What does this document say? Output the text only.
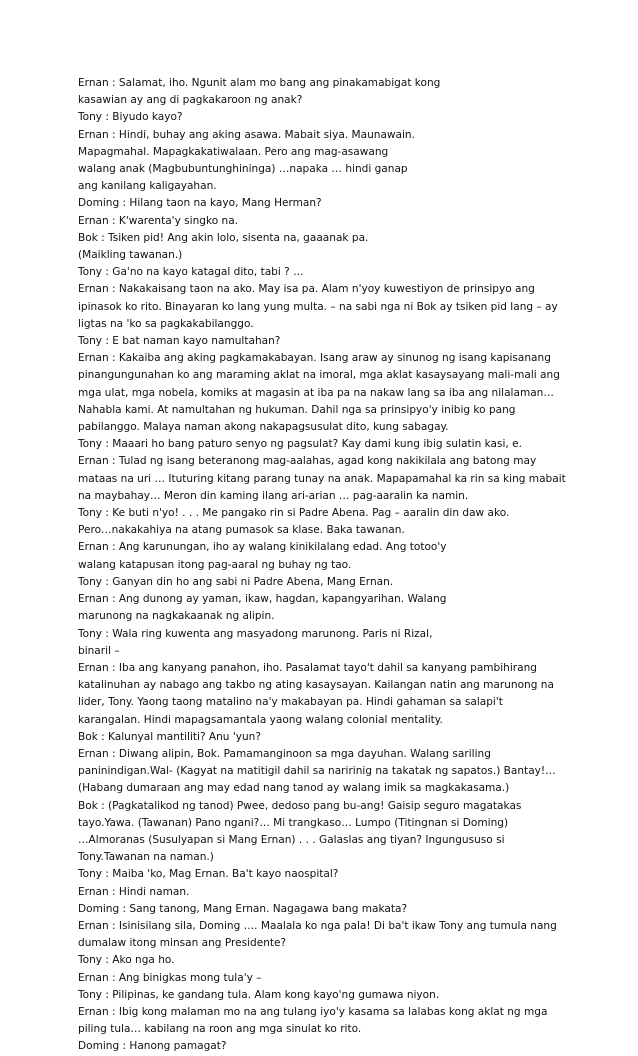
Ernan : Salamat, iho. Ngunit alam mo bang ang pinakamabigat kong
kasawian ay ang di pagkakaroon ng anak?
Tony : Biyudo kayo?
Ernan : Hindi, buhay ang aking asawa. Mabait siya. Maunawain.
Mapagmahal. Mapagkakatiwalaan. Pero ang mag-asawang
walang anak (Magbubuntunghininga) …napaka … hindi ganap
ang kanilang kaligayahan.
Doming : Hilang taon na kayo, Mang Herman?
Ernan : K'warenta'y singko na.
Bok : Tsiken pid! Ang akin lolo, sisenta na, gaaanak pa.
(Maikling tawanan.)
Tony : Ga'no na kayo katagal dito, tabi ? …
Ernan : Nakakaisang taon na ako. May isa pa. Alam n'yoy kuwestiyon de prinsipyo ang
ipinasok ko rito. Binayaran ko lang yung multa. – na sabi nga ni Bok ay tsiken pid lang – ay
ligtas na 'ko sa pagkakabilanggo.
Tony : E bat naman kayo namultahan?
Ernan : Kakaiba ang aking pagkamakabayan. Isang araw ay sinunog ng isang kapisanang
pinangungunahan ko ang maraming aklat na imoral, mga aklat kasaysayang mali-mali ang
mga ulat, mga nobela, komiks at magasin at iba pa na nakaw lang sa iba ang nilalaman…
Nahabla kami. At namultahan ng hukuman. Dahil nga sa prinsipyo'y inibig ko pang
pabilanggo. Malaya naman akong nakapagsusulat dito, kung sabagay.
Tony : Maaari ho bang paturo senyo ng pagsulat? Kay dami kung ibig sulatin kasi, e.
Ernan : Tulad ng isang beteranong mag-aalahas, agad kong nakikilala ang batong may
mataas na uri … Ituturing kitang parang tunay na anak. Mapapamahal ka rin sa king mabait
na maybahay… Meron din kaming ilang ari-arian … pag-aaralin ka namin.
Tony : Ke buti n'yo! . . . Me pangako rin si Padre Abena. Pag – aaralin din daw ako.
Pero…nakakahiya na atang pumasok sa klase. Baka tawanan.
Ernan : Ang karunungan, iho ay walang kinikilalang edad. Ang totoo'y
walang katapusan itong pag-aaral ng buhay ng tao.
Tony : Ganyan din ho ang sabi ni Padre Abena, Mang Ernan.
Ernan : Ang dunong ay yaman, ikaw, hagdan, kapangyarihan. Walang
marunong na nagkakaanak ng alipin.
Tony : Wala ring kuwenta ang masyadong marunong. Paris ni Rizal,
binaril –
Ernan : Iba ang kanyang panahon, iho. Pasalamat tayo't dahil sa kanyang pambihirang
katalinuhan ay nabago ang takbo ng ating kasaysayan. Kailangan natin ang marunong na
lider, Tony. Yaong taong matalino na'y makabayan pa. Hindi gahaman sa salapi't
karangalan. Hindi mapagsamantala yaong walang colonial mentality.
Bok : Kalunyal mantiliti? Anu 'yun?
Ernan : Diwang alipin, Bok. Pamamanginoon sa mga dayuhan. Walang sariling
paninindigan.Wal- (Kagyat na matitigil dahil sa naririnig na takatak ng sapatos.) Bantay!…
(Habang dumaraan ang may edad nang tanod ay walang imik sa magkakasama.)
Bok : (Pagkatalikod ng tanod) Pwee, dedoso pang bu-ang! Gaisip seguro magatakas
tayo.Yawa. (Tawanan) Pano ngani?… Mi trangkaso… Lumpo (Titingnan si Doming)
…Almoranas (Susulyapan si Mang Ernan) . . . Galaslas ang tiyan? Ingungususo si
Tony.Tawanan na naman.)
Tony : Maiba 'ko, Mag Ernan. Ba't kayo naospital?
Ernan : Hindi naman.
Doming : Sang tanong, Mang Ernan. Nagagawa bang makata?
Ernan : Isinisilang sila, Doming …. Maalala ko nga pala! Di ba't ikaw Tony ang tumula nang
dumalaw itong minsan ang Presidente?
Tony : Ako nga ho.
Ernan : Ang binigkas mong tula'y –
Tony : Pilipinas, ke gandang tula. Alam kong kayo'ng gumawa niyon.
Ernan : Ibig kong malaman mo na ang tulang iyo'y kasama sa lalabas kong aklat ng mga
piling tula… kabilang na roon ang mga sinulat ko rito.
Doming : Hanong pamagat?
